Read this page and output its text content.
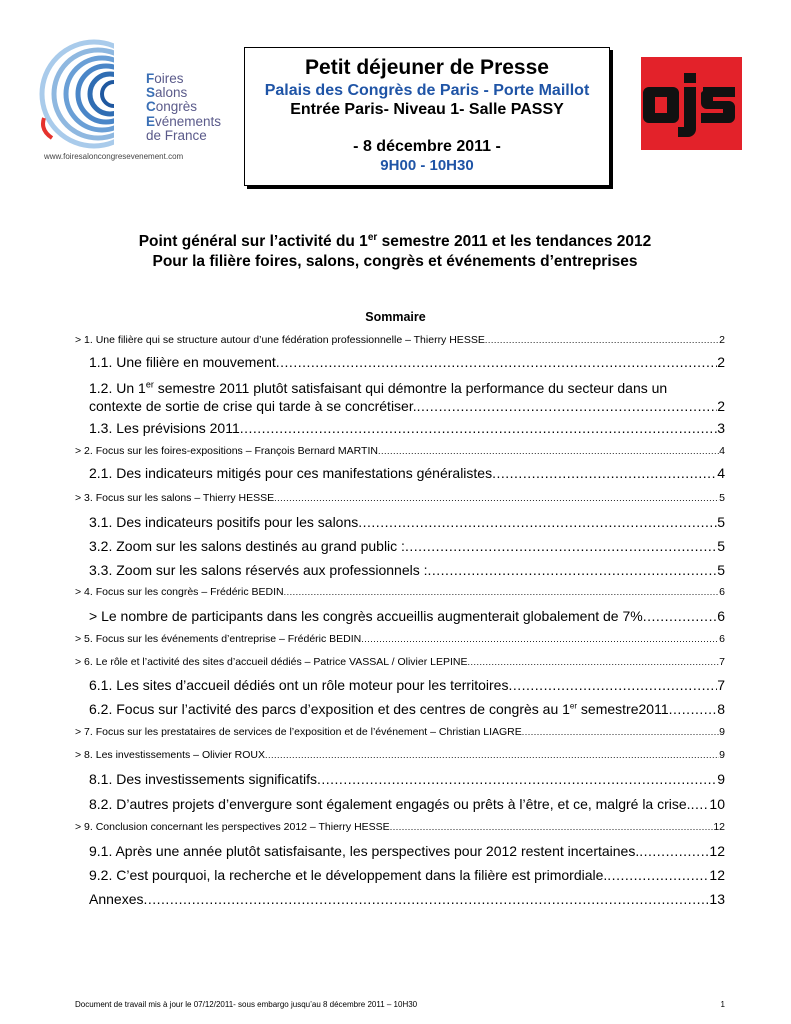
Foires
Salons
Congrès
Evénements
de France
www.foiresaloncongresevenement.com
Petit déjeuner de Presse
Palais des Congrès de Paris - Porte Maillot
Entrée Paris- Niveau 1- Salle PASSY
- 8 décembre 2011 -
9H00 - 10H30
Point général sur l’activité du 1er semestre 2011 et les tendances 2012
Pour la filière foires, salons, congrès et événements d’entreprises
Sommaire
> 1. Une filière qui se structure autour d’une fédération professionnelle – Thierry HESSE .....	2
1.1. Une filière en mouvement .....	2
1.2. Un 1er semestre 2011 plutôt satisfaisant qui démontre la performance du secteur dans un
contexte de sortie de crise qui tarde à se concrétiser. .....	2
1.3. Les prévisions 2011 .....	3
> 2. Focus sur les foires-expositions – François Bernard MARTIN .....	4
2.1. Des indicateurs mitigés pour ces manifestations généralistes .....	4
> 3. Focus sur les salons – Thierry HESSE .....	5
3.1. Des indicateurs positifs pour les salons .....	5
3.2. Zoom sur les salons destinés au grand public : .....	5
3.3. Zoom sur les salons réservés aux professionnels : .....	5
> 4. Focus sur les congrès – Frédéric BEDIN .....	6
> Le nombre de participants dans les congrès accueillis augmenterait globalement de 7% .....	6
> 5. Focus sur les événements d’entreprise – Frédéric BEDIN .....	6
> 6. Le rôle et l’activité des sites d’accueil dédiés – Patrice VASSAL / Olivier LEPINE .....	7
6.1. Les sites d’accueil dédiés ont un rôle moteur pour les territoires .....	7
6.2. Focus sur l’activité des parcs d’exposition et des centres de congrès au 1er semestre2011 .....	8
> 7. Focus sur les prestataires de services de l’exposition et de l’événement – Christian LIAGRE .....	9
> 8. Les investissements – Olivier ROUX .....	9
8.1. Des investissements significatifs .....	9
8.2. D’autres projets d’envergure sont également engagés ou prêts à l’être, et ce, malgré la crise. ..... 10
> 9. Conclusion concernant les perspectives 2012 – Thierry HESSE .....	12
9.1. Après une année plutôt satisfaisante, les perspectives pour 2012 restent incertaines. .....	12
9.2. C’est pourquoi, la recherche et le développement dans la filière est primordiale. .....	12
Annexes .....	13
Document de travail mis à jour le 07/12/2011- sous embargo jusqu’au 8 décembre 2011 – 10H30	1
